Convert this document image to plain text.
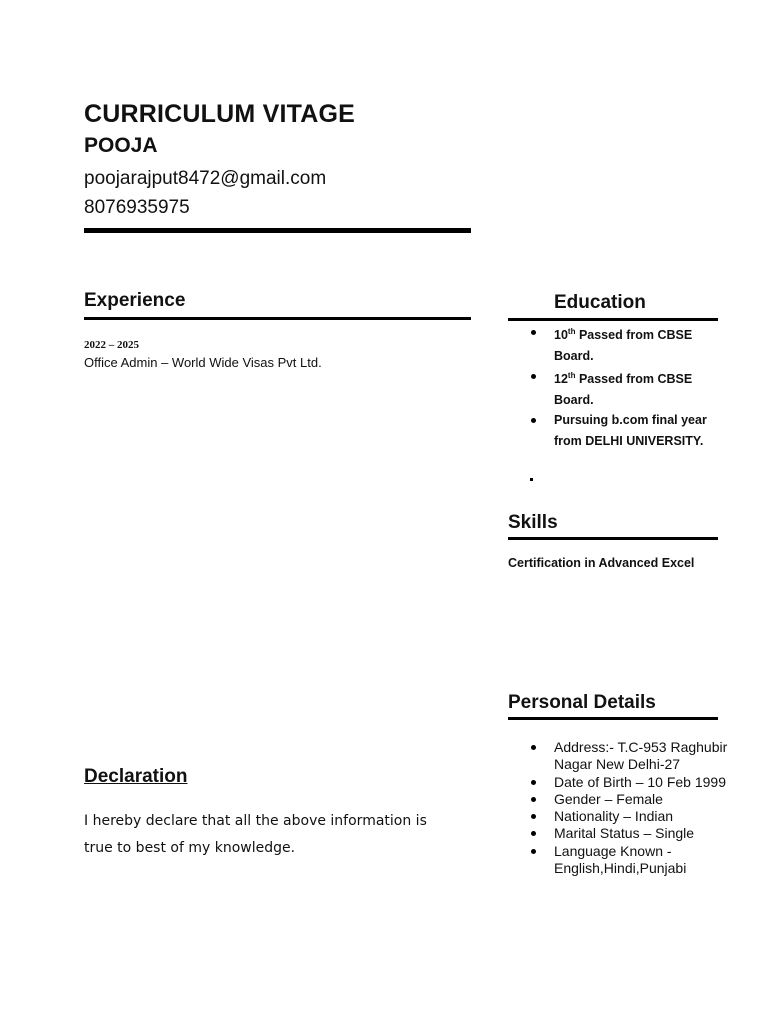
CURRICULUM VITAGE
POOJA
poojarajput8472@gmail.com
8076935975
Experience
2022 – 2025
Office Admin – World Wide Visas Pvt Ltd.
Education
10th Passed from CBSE Board.
12th Passed from CBSE Board.
Pursuing b.com final year from DELHI UNIVERSITY.
Skills
Certification in Advanced Excel
Personal Details
Address:- T.C-953 Raghubir Nagar New Delhi-27
Date of Birth – 10 Feb 1999
Gender – Female
Nationality – Indian
Marital Status – Single
Language Known - English,Hindi,Punjabi
Declaration
I hereby declare that all the above information is true to best of my knowledge.
